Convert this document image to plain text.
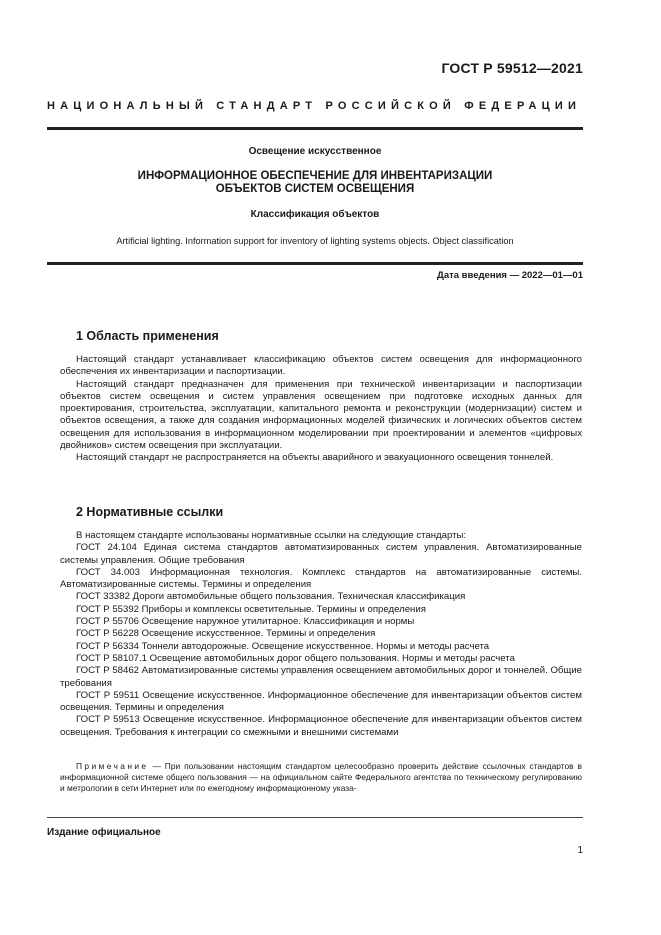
ГОСТ Р 59512—2021
НАЦИОНАЛЬНЫЙ СТАНДАРТ РОССИЙСКОЙ ФЕДЕРАЦИИ
Освещение искусственное
ИНФОРМАЦИОННОЕ ОБЕСПЕЧЕНИЕ ДЛЯ ИНВЕНТАРИЗАЦИИ
ОБЪЕКТОВ СИСТЕМ ОСВЕЩЕНИЯ
Классификация объектов
Artificial lighting. Information support for inventory of lighting systems objects. Object classification
Дата введения — 2022—01—01
1 Область применения

Настоящий стандарт устанавливает классификацию объектов систем освещения для информационного обеспечения их инвентаризации и паспортизации.

Настоящий стандарт предназначен для применения при технической инвентаризации и паспортизации объектов систем освещения и систем управления освещением при подготовке исходных данных для проектирования, строительства, эксплуатации, капитального ремонта и реконструкции (модернизации) систем и объектов освещения, а также для создания информационных моделей физических и логических объектов систем освещения для использования в информационном моделировании при проектировании и элементов «цифровых двойников» систем освещения при эксплуатации.

Настоящий стандарт не распространяется на объекты аварийного и эвакуационного освещения тоннелей.

2 Нормативные ссылки

В настоящем стандарте использованы нормативные ссылки на следующие стандарты:

ГОСТ 24.104 Единая система стандартов автоматизированных систем управления. Автоматизированные системы управления. Общие требования

ГОСТ 34.003 Информационная технология. Комплекс стандартов на автоматизированные системы. Автоматизированные системы. Термины и определения

ГОСТ 33382 Дороги автомобильные общего пользования. Техническая классификация

ГОСТ Р 55392 Приборы и комплексы осветительные. Термины и определения

ГОСТ Р 55706 Освещение наружное утилитарное. Классификация и нормы

ГОСТ Р 56228 Освещение искусственное. Термины и определения

ГОСТ Р 56334 Тоннели автодорожные. Освещение искусственное. Нормы и методы расчета

ГОСТ Р 58107.1 Освещение автомобильных дорог общего пользования. Нормы и методы расчета

ГОСТ Р 58462 Автоматизированные системы управления освещением автомобильных дорог и тоннелей. Общие требования

ГОСТ Р 59511 Освещение искусственное. Информационное обеспечение для инвентаризации объектов систем освещения. Термины и определения

ГОСТ Р 59513 Освещение искусственное. Информационное обеспечение для инвентаризации объектов систем освещения. Требования к интеграции со смежными и внешними системами

Примечание — При пользовании настоящим стандартом целесообразно проверить действие ссылочных стандартов в информационной системе общего пользования — на официальном сайте Федерального агентства по техническому регулированию и метрологии в сети Интернет или по ежегодному информационному указа-

Издание официальное
1
